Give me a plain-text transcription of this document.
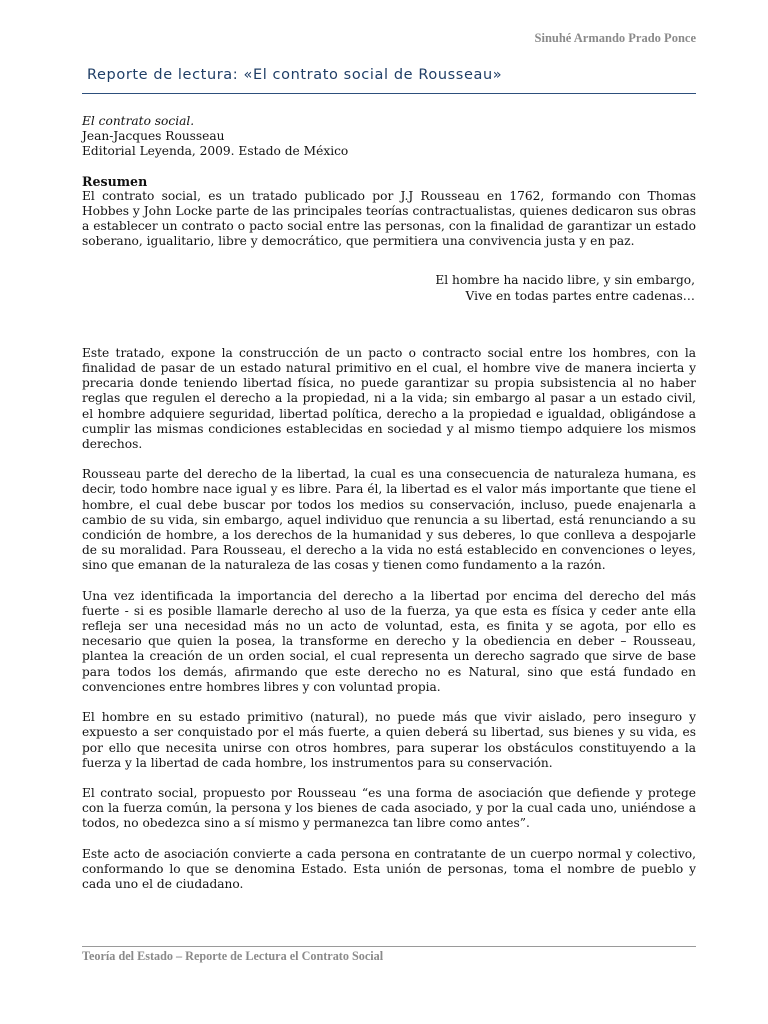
Sinuhé Armando Prado Ponce
Reporte de lectura: «El contrato social de Rousseau»
El contrato social.
Jean-Jacques Rousseau
Editorial Leyenda, 2009. Estado de México
Resumen

El contrato social, es un tratado publicado por J.J Rousseau en 1762, formando con Thomas Hobbes y John Locke parte de las principales teorías contractualistas, quienes dedicaron sus obras a establecer un contrato o pacto social entre las personas, con la finalidad de garantizar un estado soberano, igualitario, libre y democrático, que permitiera una convivencia justa y en paz.

El hombre ha nacido libre, y sin embargo,
Vive en todas partes entre cadenas…

Este tratado, expone la construcción de un pacto o contracto social entre los hombres, con la finalidad de pasar de un estado natural primitivo en el cual, el hombre vive de manera incierta y precaria donde teniendo libertad física, no puede garantizar su propia subsistencia al no haber reglas que regulen el derecho a la propiedad, ni a la vida; sin embargo al pasar a un estado civil, el hombre adquiere seguridad, libertad política, derecho a la propiedad e igualdad, obligándose a cumplir las mismas condiciones establecidas en sociedad y al mismo tiempo adquiere los mismos derechos.

Rousseau parte del derecho de la libertad, la cual es una consecuencia de naturaleza humana, es decir, todo hombre nace igual y es libre. Para él, la libertad es el valor más importante que tiene el hombre, el cual debe buscar por todos los medios su conservación, incluso, puede enajenarla a cambio de su vida, sin embargo, aquel individuo que renuncia a su libertad, está renunciando a su condición de hombre, a los derechos de la humanidad y sus deberes, lo que conlleva a despojarle de su moralidad. Para Rousseau, el derecho a la vida no está establecido en convenciones o leyes, sino que emanan de la naturaleza de las cosas y tienen como fundamento a la razón.

Una vez identificada la importancia del derecho a la libertad por encima del derecho del más fuerte - si es posible llamarle derecho al uso de la fuerza, ya que esta es física y ceder ante ella refleja ser una necesidad más no un acto de voluntad, esta, es finita y se agota, por ello es necesario que quien la posea, la transforme en derecho y la obediencia en deber – Rousseau, plantea la creación de un orden social, el cual representa un derecho sagrado que sirve de base para todos los demás, afirmando que este derecho no es Natural, sino que está fundado en convenciones entre hombres libres y con voluntad propia.

El hombre en su estado primitivo (natural), no puede más que vivir aislado, pero inseguro y expuesto a ser conquistado por el más fuerte, a quien deberá su libertad, sus bienes y su vida, es por ello que necesita unirse con otros hombres, para superar los obstáculos constituyendo a la fuerza y la libertad de cada hombre, los instrumentos para su conservación.

El contrato social, propuesto por Rousseau “es una forma de asociación que defiende y protege con la fuerza común, la persona y los bienes de cada asociado, y por la cual cada uno, uniéndose a todos, no obedezca sino a sí mismo y permanezca tan libre como antes”.

Este acto de asociación convierte a cada persona en contratante de un cuerpo normal y colectivo, conformando lo que se denomina Estado. Esta unión de personas, toma el nombre de pueblo y cada uno el de ciudadano.

Teoría del Estado – Reporte de Lectura el Contrato Social
